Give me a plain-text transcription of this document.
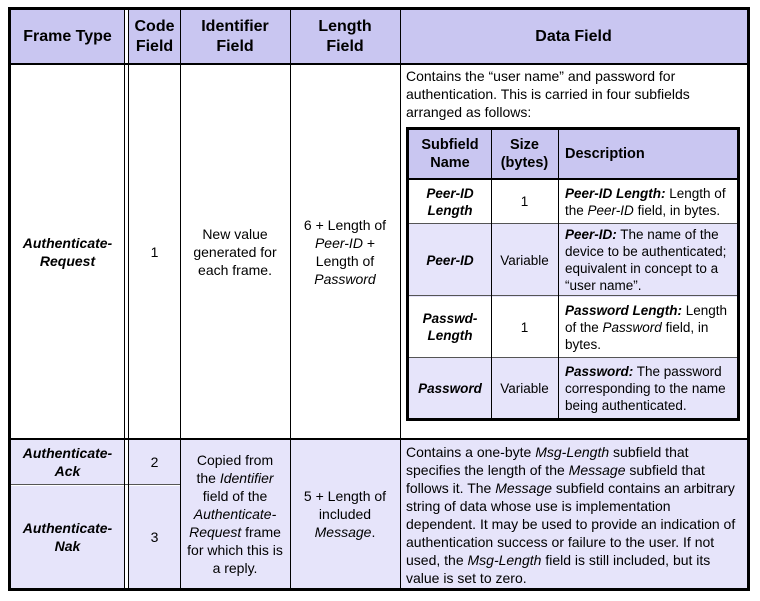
Frame Type
Code Field
Identifier Field
Length Field
Data Field
Authenticate-Request
1
New value generated for each frame.
6 + Length of
Peer-ID +
Length of
Password
Contains the “user name” and password for authentication. This is carried in four subfields arranged as follows:
Authenticate-Ack
Authenticate-Nak
2
3
Copied from the Identifier field of the Authenticate-Request frame for which this is a reply.
5 + Length of included Message.
Contains a one-byte Msg-Length subfield that specifies the length of the Message subfield that follows it. The Message subfield contains an arbitrary string of data whose use is implementation dependent. It may be used to provide an indication of authentication success or failure to the user. If not used, the Msg-Length field is still included, but its value is set to zero.
Subfield Name
Size (bytes)
Description
Peer-ID Length
1
Peer-ID Length: Length of the Peer-ID field, in bytes.
Peer-ID	Variable
Peer-ID: The name of the device to be authenticated; equivalent in concept to a “user name”.
Passwd-Length
1
Password Length: Length of the Password field, in bytes.
Password	Variable
Password: The password corresponding to the name being authenticated.
